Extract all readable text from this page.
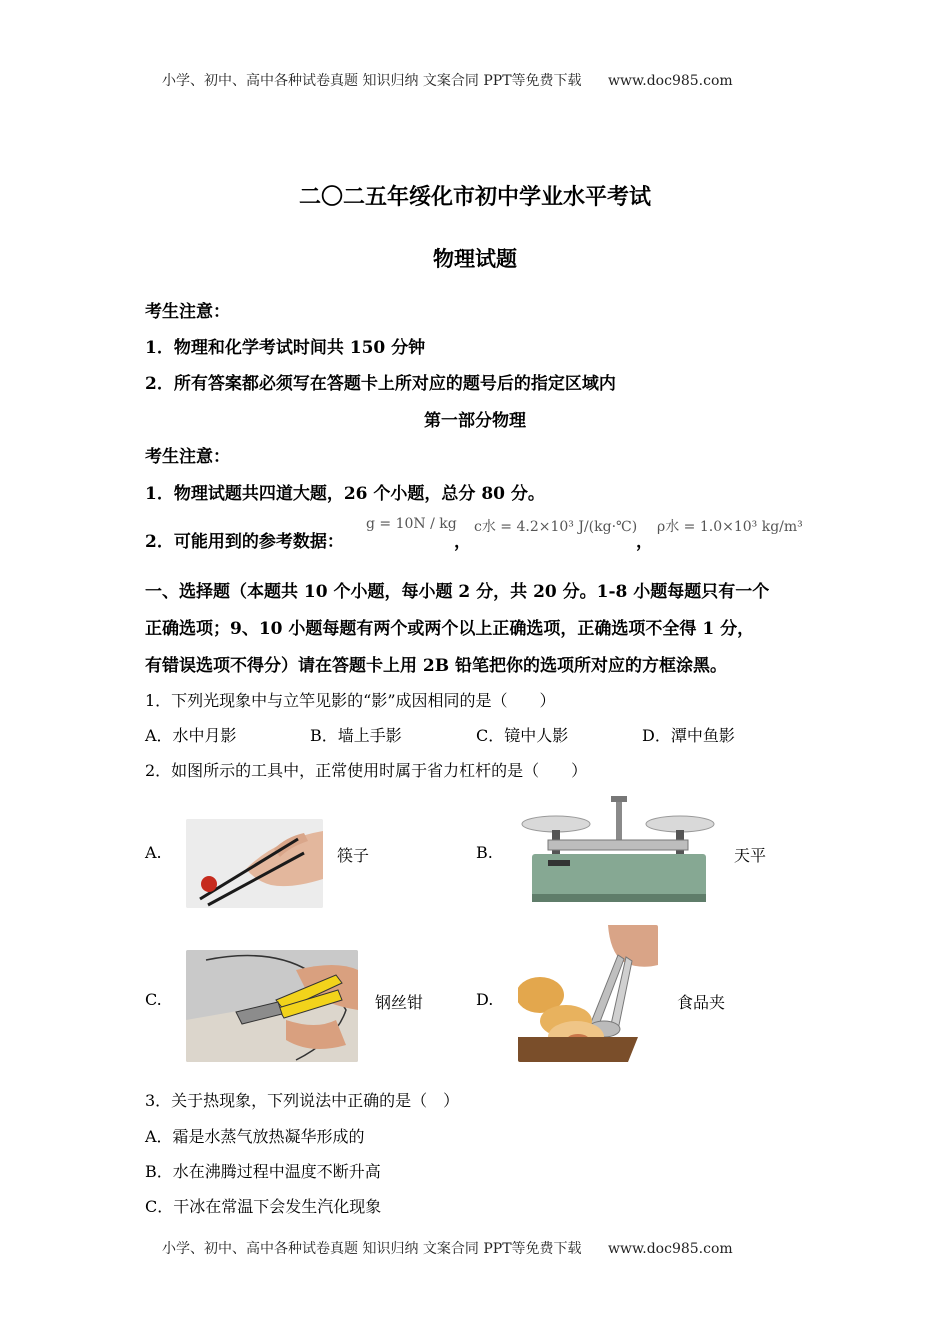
小学、初中、高中各种试卷真题 知识归纳 文案合同 PPT等免费下载 www.doc985.com
二〇二五年绥化市初中学业水平考试
物理试题
考生注意：
1．物理和化学考试时间共 150 分钟
2．所有答案都必须写在答题卡上所对应的题号后的指定区域内
第一部分物理
考生注意：
1．物理试题共四道大题，26 个小题，总分 80 分。
2．可能用到的参考数据：
g = 10N / kg
，
c水 = 4.2×10³ J/(kg·℃)
，
ρ水 = 1.0×10³ kg/m³
一、选择题（本题共 10 个小题，每小题 2 分，共 20 分。1-8 小题每题只有一个
正确选项；9、10 小题每题有两个或两个以上正确选项，正确选项不全得 1 分，
有错误选项不得分）请在答题卡上用 2B 铅笔把你的选项所对应的方框涂黑。
1．下列光现象中与立竿见影的“影”成因相同的是（　　）
A．水中月影	B．墙上手影	C．镜中人影	D．潭中鱼影
2．如图所示的工具中，正常使用时属于省力杠杆的是（　　）
A.	筷子	B.	天平
C.	钢丝钳	D.	食品夹
3．关于热现象，下列说法中正确的是（　）
A．霜是水蒸气放热凝华形成的
B．水在沸腾过程中温度不断升高
C．干冰在常温下会发生汽化现象
小学、初中、高中各种试卷真题 知识归纳 文案合同 PPT等免费下载 www.doc985.com
